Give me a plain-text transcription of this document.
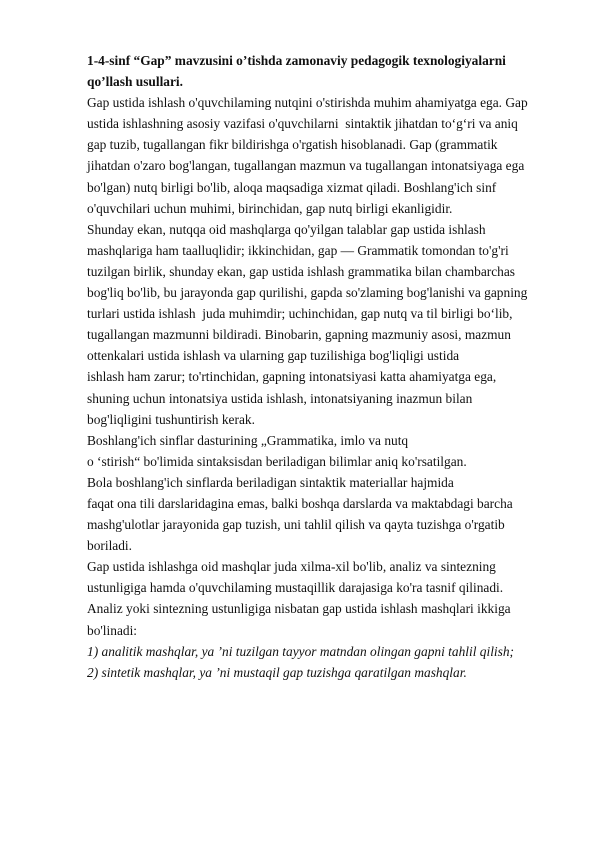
1-4-sinf “Gap” mavzusini o’tishda zamonaviy pedagogik texnologiyalarni
qo’llash usullari.
Gap ustida ishlash o'quvchilaming nutqini o'stirishda muhim ahamiyatga ega. Gap
ustida ishlashning asosiy vazifasi o'quvchilarni  sintaktik jihatdan to‘g‘ri va aniq
gap tuzib, tugallangan fikr bildirishga o'rgatish hisoblanadi. Gap (grammatik
jihatdan o'zaro bog'langan, tugallangan mazmun va tugallangan intonatsiyaga ega
bo'lgan) nutq birligi bo'lib, aloqa maqsadiga xizmat qiladi. Boshlang'ich sinf
o'quvchilari uchun muhimi, birinchidan, gap nutq birligi ekanligidir.
Shunday ekan, nutqqa oid mashqlarga qo'yilgan talablar gap ustida ishlash
mashqlariga ham taalluqlidir; ikkinchidan, gap — Grammatik tomondan to'g'ri
tuzilgan birlik, shunday ekan, gap ustida ishlash grammatika bilan chambarchas
bog'liq bo'lib, bu jarayonda gap qurilishi, gapda so'zlaming bog'lanishi va gapning
turlari ustida ishlash  juda muhimdir; uchinchidan, gap nutq va til birligi bo‘lib,
tugallangan mazmunni bildiradi. Binobarin, gapning mazmuniy asosi, mazmun
ottenkalari ustida ishlash va ularning gap tuzilishiga bog'liqligi ustida
ishlash ham zarur; to'rtinchidan, gapning intonatsiyasi katta ahamiyatga ega,
shuning uchun intonatsiya ustida ishlash, intonatsiyaning inazmun bilan
bog'liqligini tushuntirish kerak.
Boshlang'ich sinflar dasturining „Grammatika, imlo va nutq
o ‘stirish“ bo'limida sintaksisdan beriladigan bilimlar aniq ko'rsatilgan.
Bola boshlang'ich sinflarda beriladigan sintaktik materiallar hajmida
faqat ona tili darslaridagina emas, balki boshqa darslarda va maktabdagi barcha
mashg'ulotlar jarayonida gap tuzish, uni tahlil qilish va qayta tuzishga o'rgatib
boriladi.
Gap ustida ishlashga oid mashqlar juda xilma-xil bo'lib, analiz va sintezning
ustunligiga hamda o'quvchilaming mustaqillik darajasiga ko'ra tasnif qilinadi.
Analiz yoki sintezning ustunligiga nisbatan gap ustida ishlash mashqlari ikkiga
bo'linadi:
1) analitik mashqlar, ya ’ni tuzilgan tayyor matndan olingan gapni tahlil qilish;
2) sintetik mashqlar, ya ’ni mustaqil gap tuzishga qaratilgan mashqlar.
